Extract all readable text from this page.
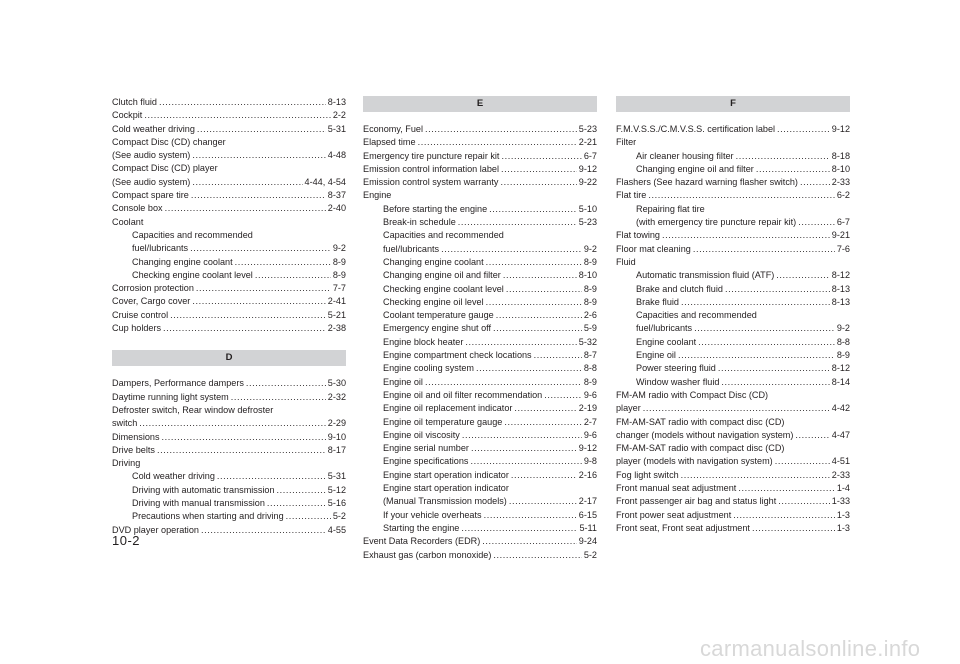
Clutch fluid .....	8-13
Cockpit .....	2-2
Cold weather driving .....	5-31
Compact Disc (CD) changer
(See audio system) .....	4-48
Compact Disc (CD) player
(See audio system) .....	4-44, 4-54
Compact spare tire .....	8-37
Console box .....	2-40
Coolant
Capacities and recommended
fuel/lubricants .....	9-2
Changing engine coolant .....	8-9
Checking engine coolant level .....	8-9
Corrosion protection .....	7-7
Cover, Cargo cover .....	2-41
Cruise control .....	5-21
Cup holders .....	2-38
D
Dampers, Performance dampers .....	5-30
Daytime running light system .....	2-32
Defroster switch, Rear window defroster
switch .....	2-29
Dimensions .....	9-10
Drive belts .....	8-17
Driving
Cold weather driving .....	5-31
Driving with automatic transmission .....	5-12
Driving with manual transmission .....	5-16
Precautions when starting and driving .....	5-2
DVD player operation .....	4-55
E
Economy, Fuel .....	5-23
Elapsed time .....	2-21
Emergency tire puncture repair kit .....	6-7
Emission control information label .....	9-12
Emission control system warranty .....	9-22
Engine
Before starting the engine .....	5-10
Break-in schedule .....	5-23
Capacities and recommended
fuel/lubricants .....	9-2
Changing engine coolant .....	8-9
Changing engine oil and filter .....	8-10
Checking engine coolant level .....	8-9
Checking engine oil level .....	8-9
Coolant temperature gauge .....	2-6
Emergency engine shut off .....	5-9
Engine block heater .....	5-32
Engine compartment check locations .....	8-7
Engine cooling system .....	8-8
Engine oil .....	8-9
Engine oil and oil filter recommendation .....	9-6
Engine oil replacement indicator .....	2-19
Engine oil temperature gauge .....	2-7
Engine oil viscosity .....	9-6
Engine serial number .....	9-12
Engine specifications .....	9-8
Engine start operation indicator .....	2-16
Engine start operation indicator
(Manual Transmission models) .....	2-17
If your vehicle overheats .....	6-15
Starting the engine .....	5-11
Event Data Recorders (EDR) .....	9-24
Exhaust gas (carbon monoxide) .....	5-2
F
F.M.V.S.S./C.M.V.S.S. certification label .....	9-12
Filter
Air cleaner housing filter .....	8-18
Changing engine oil and filter .....	8-10
Flashers (See hazard warning flasher switch) .....	2-33
Flat tire .....	6-2
Repairing flat tire
(with emergency tire puncture repair kit) .....	6-7
Flat towing .....	9-21
Floor mat cleaning .....	7-6
Fluid
Automatic transmission fluid (ATF) .....	8-12
Brake and clutch fluid .....	8-13
Brake fluid .....	8-13
Capacities and recommended
fuel/lubricants .....	9-2
Engine coolant .....	8-8
Engine oil .....	8-9
Power steering fluid .....	8-12
Window washer fluid .....	8-14
FM-AM radio with Compact Disc (CD)
player .....	4-42
FM-AM-SAT radio with compact disc (CD)
changer (models without navigation system) .....	4-47
FM-AM-SAT radio with compact disc (CD)
player (models with navigation system) .....	4-51
Fog light switch .....	2-33
Front manual seat adjustment .....	1-4
Front passenger air bag and status light .....	1-33
Front power seat adjustment .....	1-3
Front seat, Front seat adjustment .....	1-3
10-2
carmanualsonline.info
